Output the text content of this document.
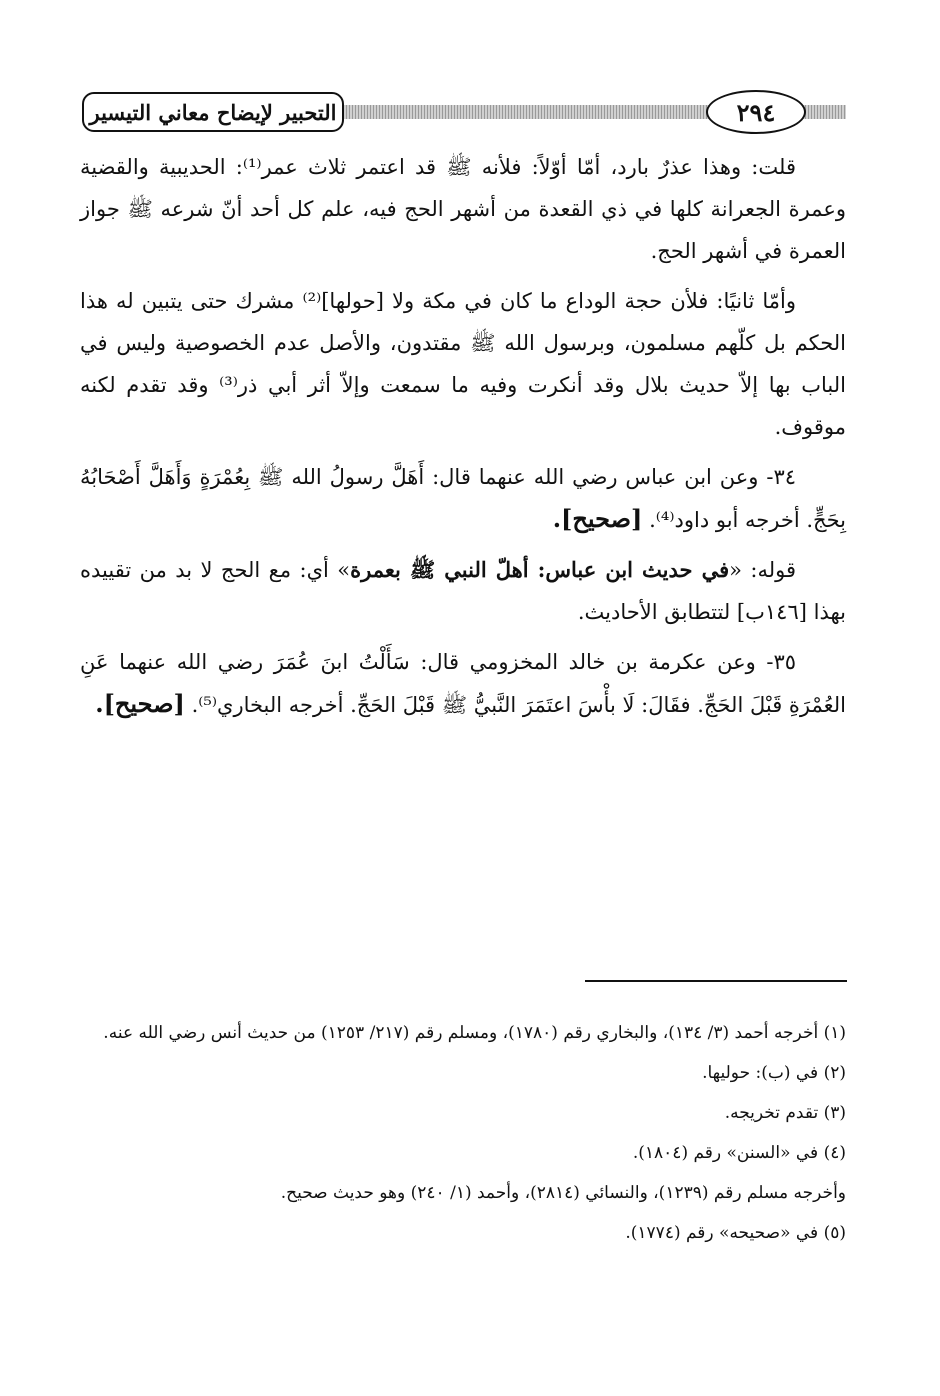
التحبير لإيضاح معاني التيسير	٢٩٤

قلت: وهذا عذرٌ بارد، أمّا أوّلاً: فلأنه ﷺ قد اعتمر ثلاث عمر⁽¹⁾: الحديبية والقضية وعمرة الجعرانة كلها في ذي القعدة من أشهر الحج فيه، علم كل أحد أنّ شرعه ﷺ جواز العمرة في أشهر الحج.

وأمّا ثانيًا: فلأن حجة الوداع ما كان في مكة ولا [حولها]⁽²⁾ مشرك حتى يتبين له هذا الحكم بل كلّهم مسلمون، وبرسول الله ﷺ مقتدون، والأصل عدم الخصوصية وليس في الباب بها إلاّ حديث بلال وقد أنكرت وفيه ما سمعت وإلاّ أثر أبي ذر⁽³⁾ وقد تقدم لكنه موقوف.

٣٤- وعن ابن عباس رضي الله عنهما قال: أَهَلَّ رسولُ الله ﷺ بِعُمْرَةٍ وَأَهَلَّ أَصْحَابُهُ بِحَجٍّ. أخرجه أبو داود⁽⁴⁾. [صحيح].

قوله: «في حديث ابن عباس: أهلّ النبي ﷺ بعمرة» أي: مع الحج لا بد من تقييده بهذا [١٤٦ب] لتتطابق الأحاديث.

٣٥- وعن عكرمة بن خالد المخزومي قال: سَأَلْتُ ابنَ عُمَرَ رضي الله عنهما عَنِ العُمْرَةِ قَبْلَ الحَجِّ. فقَالَ: لَا بأْسَ اعتَمَرَ النَّبيُّ ﷺ قَبْلَ الحَجِّ. أخرجه البخاري⁽⁵⁾. [صحيح].

(١) أخرجه أحمد (٣/ ١٣٤)، والبخاري رقم (١٧٨٠)، ومسلم رقم (٢١٧/ ١٢٥٣) من حديث أنس رضي الله عنه.

(٢) في (ب): حوليها.

(٣) تقدم تخريجه.

(٤) في «السنن» رقم (١٨٠٤).

وأخرجه مسلم رقم (١٢٣٩)، والنسائي (٢٨١٤)، وأحمد (١/ ٢٤٠) وهو حديث صحيح.

(٥) في «صحيحه» رقم (١٧٧٤).
